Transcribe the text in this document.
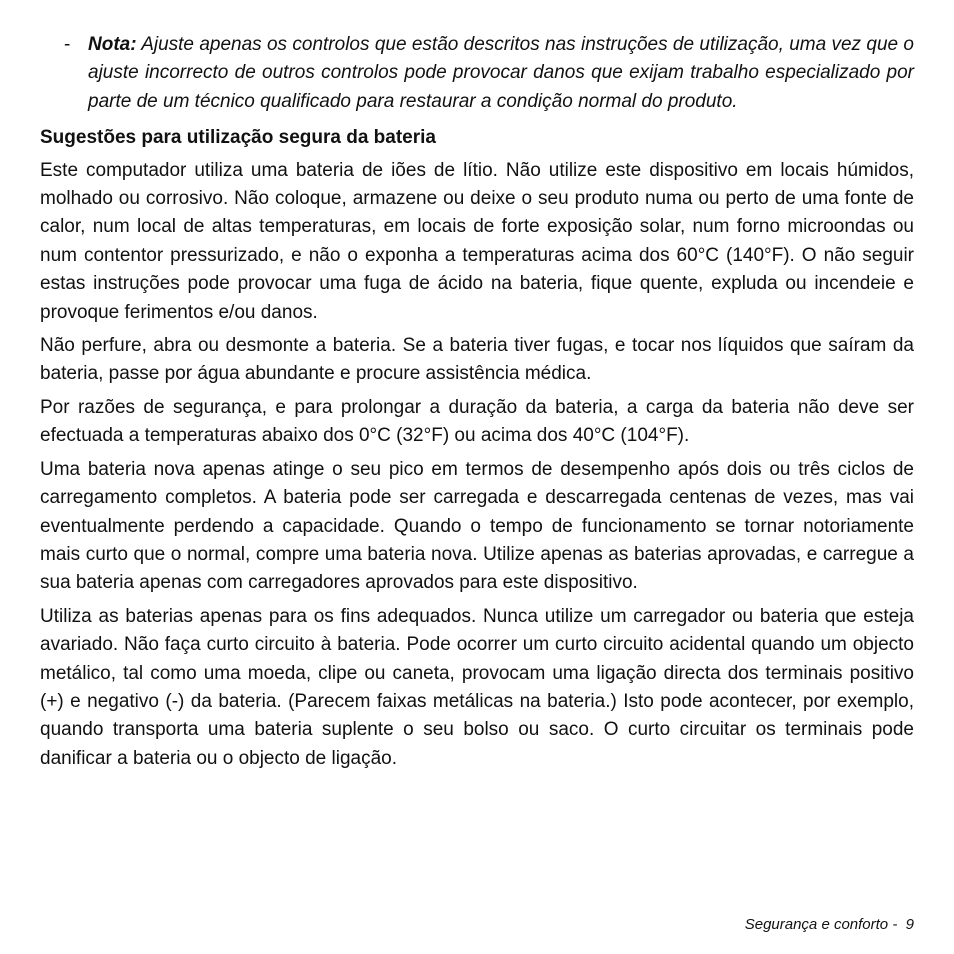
- Nota: Ajuste apenas os controlos que estão descritos nas instruções de utilização, uma vez que o ajuste incorrecto de outros controlos pode provocar danos que exijam trabalho especializado por parte de um técnico qualificado para restaurar a condição normal do produto.
Sugestões para utilização segura da bateria

Este computador utiliza uma bateria de iões de lítio. Não utilize este dispositivo em locais húmidos, molhado ou corrosivo. Não coloque, armazene ou deixe o seu produto numa ou perto de uma fonte de calor, num local de altas temperaturas, em locais de forte exposição solar, num forno microondas ou num contentor pressurizado, e não o exponha a temperaturas acima dos 60°C (140°F). O não seguir estas instruções pode provocar uma fuga de ácido na bateria, fique quente, expluda ou incendeie e provoque ferimentos e/ou danos.

Não perfure, abra ou desmonte a bateria. Se a bateria tiver fugas, e tocar nos líquidos que saíram da bateria, passe por água abundante e procure assistência médica.

Por razões de segurança, e para prolongar a duração da bateria, a carga da bateria não deve ser efectuada a temperaturas abaixo dos 0°C (32°F) ou acima dos 40°C (104°F).

Uma bateria nova apenas atinge o seu pico em termos de desempenho após dois ou três ciclos de carregamento completos. A bateria pode ser carregada e descarregada centenas de vezes, mas vai eventualmente perdendo a capacidade. Quando o tempo de funcionamento se tornar notoriamente mais curto que o normal, compre uma bateria nova. Utilize apenas as baterias aprovadas, e carregue a sua bateria apenas com carregadores aprovados para este dispositivo.

Utiliza as baterias apenas para os fins adequados. Nunca utilize um carregador ou bateria que esteja avariado. Não faça curto circuito à bateria. Pode ocorrer um curto circuito acidental quando um objecto metálico, tal como uma moeda, clipe ou caneta, provocam uma ligação directa dos terminais positivo (+) e negativo (-) da bateria. (Parecem faixas metálicas na bateria.) Isto pode acontecer, por exemplo, quando transporta uma bateria suplente o seu bolso ou saco. O curto circuitar os terminais pode danificar a bateria ou o objecto de ligação.

Segurança e conforto -  9
